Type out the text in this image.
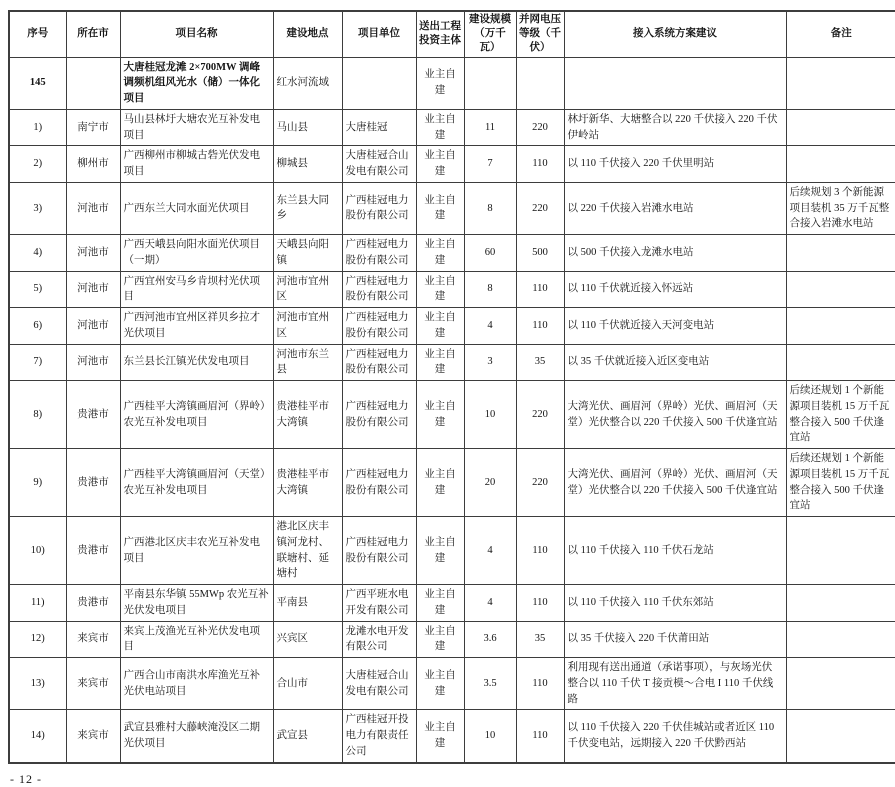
序号	所在市	项目名称	建设地点	项目单位	送出工程投资主体	建设规模（万千瓦）	并网电压等级（千伏）	接入系统方案建议	备注
145		大唐桂冠龙滩 2×700MW 调峰调频机组风光水（储）一体化项目	红水河流域		业主自建				
1)	南宁市	马山县林圩大塘农光互补发电项目	马山县	大唐桂冠	业主自建	11	220	林圩新华、大塘整合以 220 千伏接入 220 千伏伊岭站	
2)	柳州市	广西柳州市柳城古砦光伏发电项目	柳城县	大唐桂冠合山发电有限公司	业主自建	7	110	以 110 千伏接入 220 千伏里明站	
3)	河池市	广西东兰大同水面光伏项目	东兰县大同乡	广西桂冠电力股份有限公司	业主自建	8	220	以 220 千伏接入岩滩水电站	后续规划 3 个新能源项目装机 35 万千瓦整合接入岩滩水电站
4)	河池市	广西天峨县向阳水面光伏项目（一期）	天峨县向阳镇	广西桂冠电力股份有限公司	业主自建	60	500	以 500 千伏接入龙滩水电站	
5)	河池市	广西宜州安马乡肯坝村光伏项目	河池市宜州区	广西桂冠电力股份有限公司	业主自建	8	110	以 110 千伏就近接入怀远站	
6)	河池市	广西河池市宜州区祥贝乡拉才光伏项目	河池市宜州区	广西桂冠电力股份有限公司	业主自建	4	110	以 110 千伏就近接入天河变电站	
7)	河池市	东兰县长江镇光伏发电项目	河池市东兰县	广西桂冠电力股份有限公司	业主自建	3	35	以 35 千伏就近接入近区变电站	
8)	贵港市	广西桂平大湾镇画眉河（界岭）农光互补发电项目	贵港桂平市大湾镇	广西桂冠电力股份有限公司	业主自建	10	220	大湾光伏、画眉河（界岭）光伏、画眉河（天堂）光伏整合以 220 千伏接入 500 千伏逢宜站	后续还规划 1 个新能源项目装机 15 万千瓦整合接入 500 千伏逢宜站
9)	贵港市	广西桂平大湾镇画眉河（天堂）农光互补发电项目	贵港桂平市大湾镇	广西桂冠电力股份有限公司	业主自建	20	220	大湾光伏、画眉河（界岭）光伏、画眉河（天堂）光伏整合以 220 千伏接入 500 千伏逢宜站	后续还规划 1 个新能源项目装机 15 万千瓦整合接入 500 千伏逢宜站
10)	贵港市	广西港北区庆丰农光互补发电项目	港北区庆丰镇河龙村、联塘村、延塘村	广西桂冠电力股份有限公司	业主自建	4	110	以 110 千伏接入 110 千伏石龙站	
11)	贵港市	平南县东华镇 55MWp 农光互补光伏发电项目	平南县	广西平班水电开发有限公司	业主自建	4	110	以 110 千伏接入 110 千伏东郊站	
12)	来宾市	来宾上茂渔光互补光伏发电项目	兴宾区	龙滩水电开发有限公司	业主自建	3.6	35	以 35 千伏接入 220 千伏莆田站	
13)	来宾市	广西合山市南洪水库渔光互补光伏电站项目	合山市	大唐桂冠合山发电有限公司	业主自建	3.5	110	利用现有送出通道（承诺事项），与灰场光伏整合以 110 千伏 T 接贡模～合电 I 110 千伏线路	
14)	来宾市	武宣县雅村大藤峡淹没区二期光伏项目	武宣县	广西桂冠开投电力有限责任公司	业主自建	10	110	以 110 千伏接入 220 千伏佳城站或者近区 110 千伏变电站，远期接入 220 千伏黔西站	
- 12 -
